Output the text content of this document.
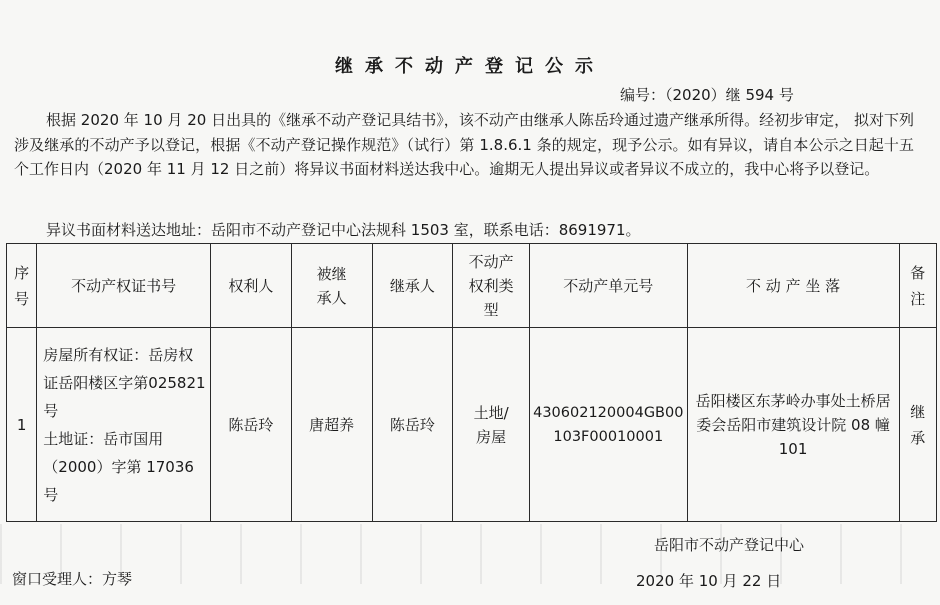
继承不动产登记公示
编号：（2020）继 594 号
根据 2020 年 10 月 20 日出具的《继承不动产登记具结书》，该不动产由继承人陈岳玲通过遗产继承所得。经初步审定， 拟对下列涉及继承的不动产予以登记，根据《不动产登记操作规范》（试行）第 1.8.6.1 条的规定，现予公示。如有异议，请自本公示之日起十五个工作日内（2020 年 11 月 12 日之前）将异议书面材料送达我中心。逾期无人提出异议或者异议不成立的，我中心将予以登记。
异议书面材料送达地址：岳阳市不动产登记中心法规科 1503 室，联系电话：8691971。
序号	不动产权证书号	权利人	被继承人	继承人	不动产权利类型	不动产单元号	不 动 产 坐 落	备注
1	房屋所有权证：岳房权证岳阳楼区字第025821 号
土地证：岳市国用（2000）字第 17036 号	陈岳玲	唐超养	陈岳玲	土地/房屋	430602120004GB00103F00010001	岳阳楼区东茅岭办事处土桥居委会岳阳市建筑设计院 08 幢 101	继承
岳阳市不动产登记中心
窗口受理人：方琴	2020 年 10 月 22 日
